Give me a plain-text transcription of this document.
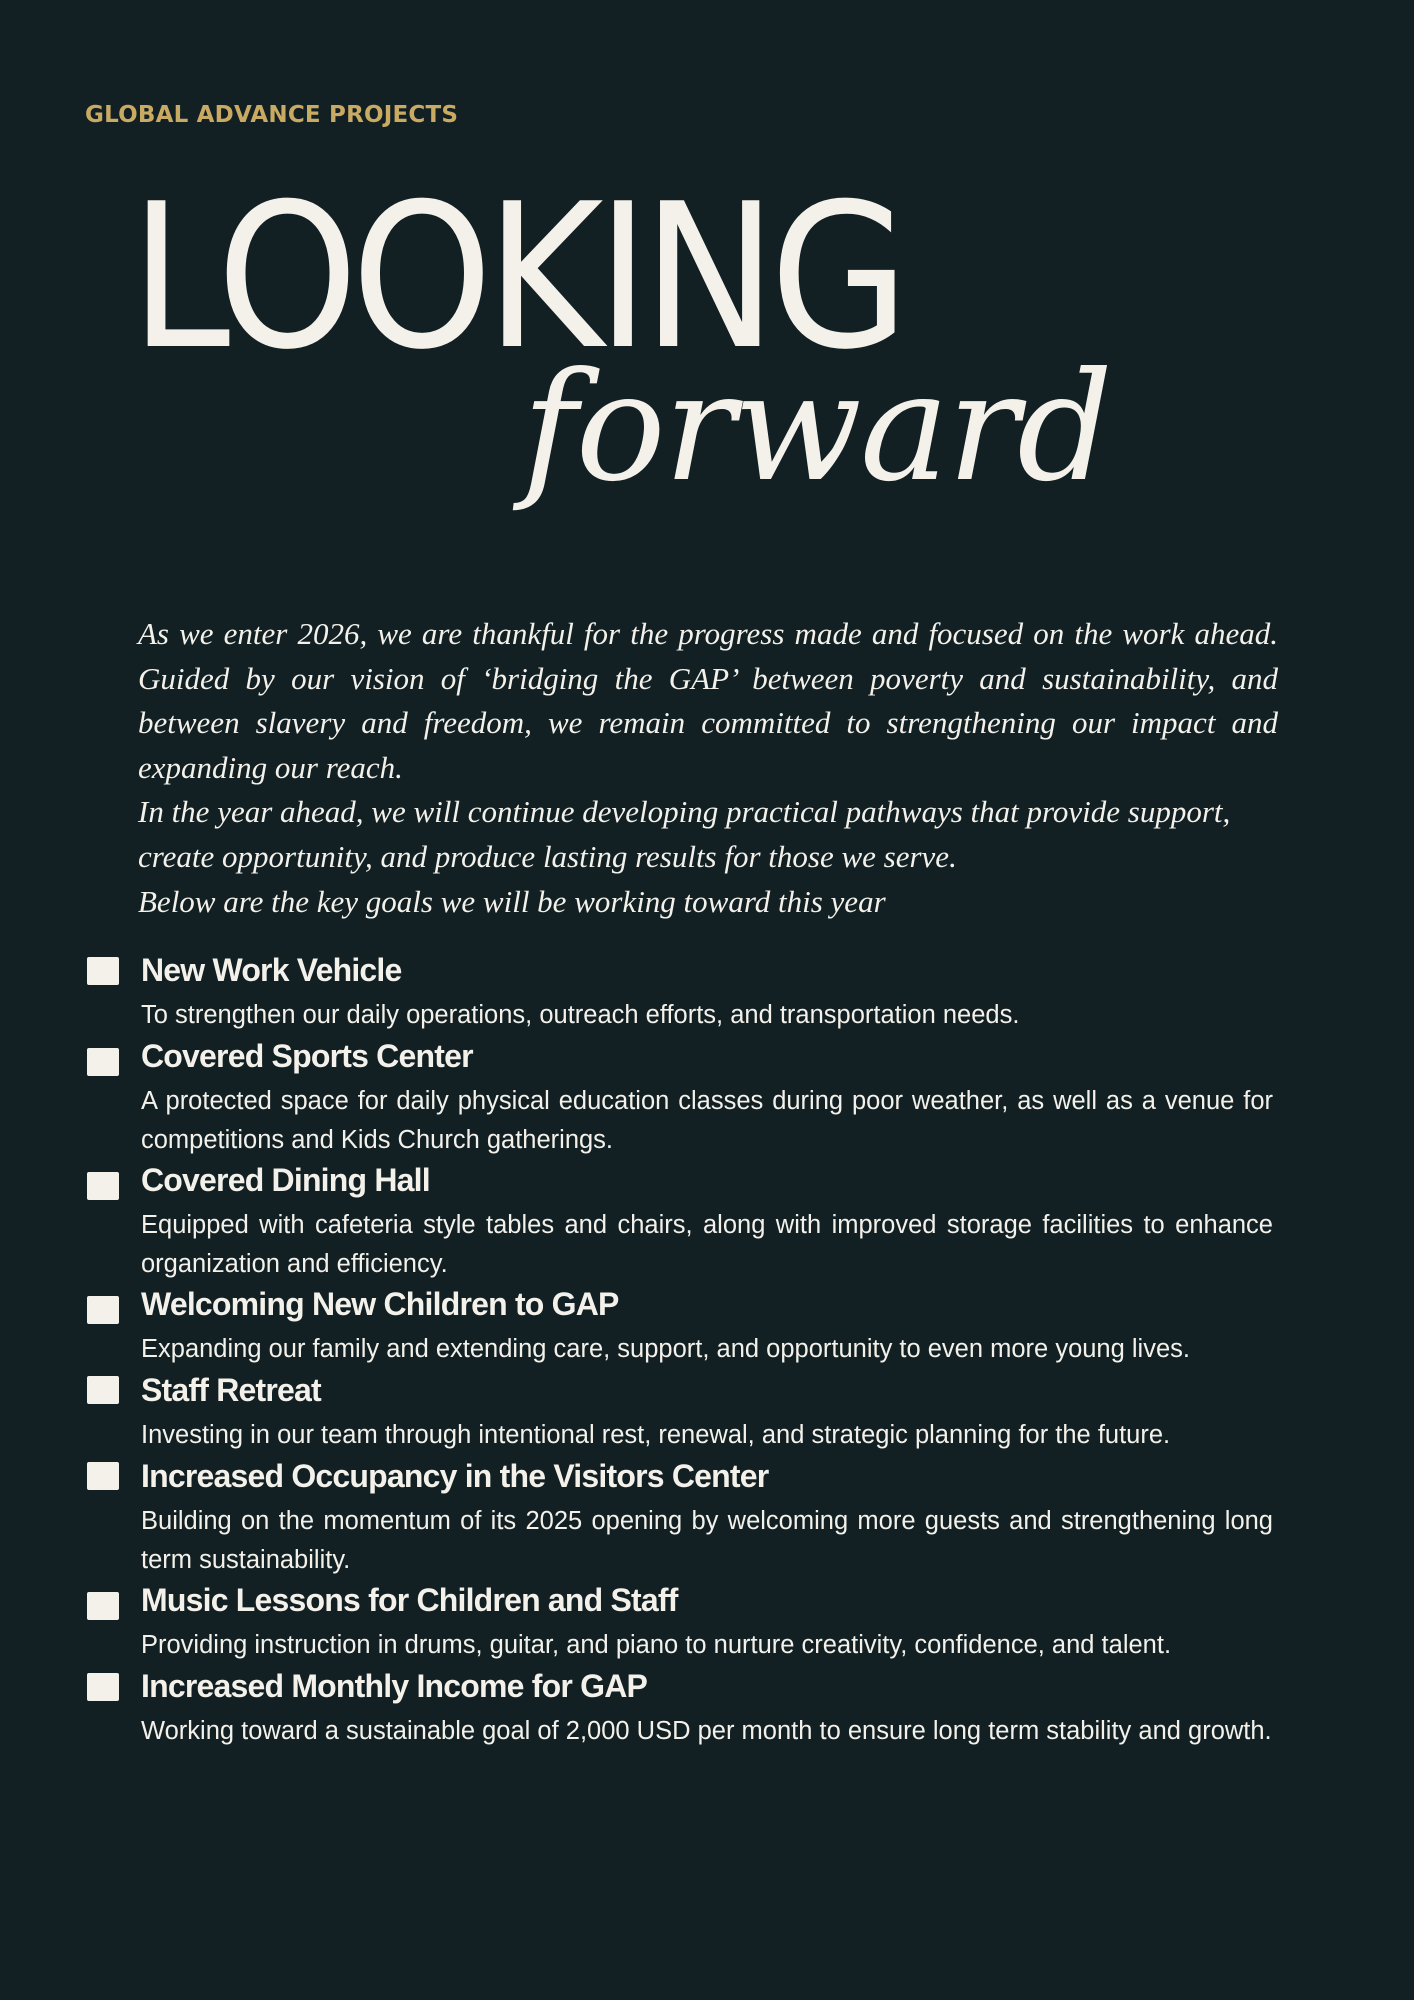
GLOBAL ADVANCE PROJECTS
LOOKING
forward

As we enter 2026, we are thankful for the progress made and focused on the work ahead. Guided by our vision of ‘bridging the GAP’ between poverty and sustainability, and between slavery and freedom, we remain committed to strengthening our impact and expanding our reach.

In the year ahead, we will continue developing practical pathways that provide support, create opportunity, and produce lasting results for those we serve.

Below are the key goals we will be working toward this year

New Work Vehicle

To strengthen our daily operations, outreach efforts, and transportation needs.

Covered Sports Center

A protected space for daily physical education classes during poor weather, as well as a venue for competitions and Kids Church gatherings.

Covered Dining Hall

Equipped with cafeteria style tables and chairs, along with improved storage facilities to enhance organization and efficiency.

Welcoming New Children to GAP

Expanding our family and extending care, support, and opportunity to even more young lives.

Staff Retreat

Investing in our team through intentional rest, renewal, and strategic planning for the future.

Increased Occupancy in the Visitors Center

Building on the momentum of its 2025 opening by welcoming more guests and strengthening long term sustainability.

Music Lessons for Children and Staff

Providing instruction in drums, guitar, and piano to nurture creativity, confidence, and talent.

Increased Monthly Income for GAP

Working toward a sustainable goal of 2,000 USD per month to ensure long term stability and growth.
